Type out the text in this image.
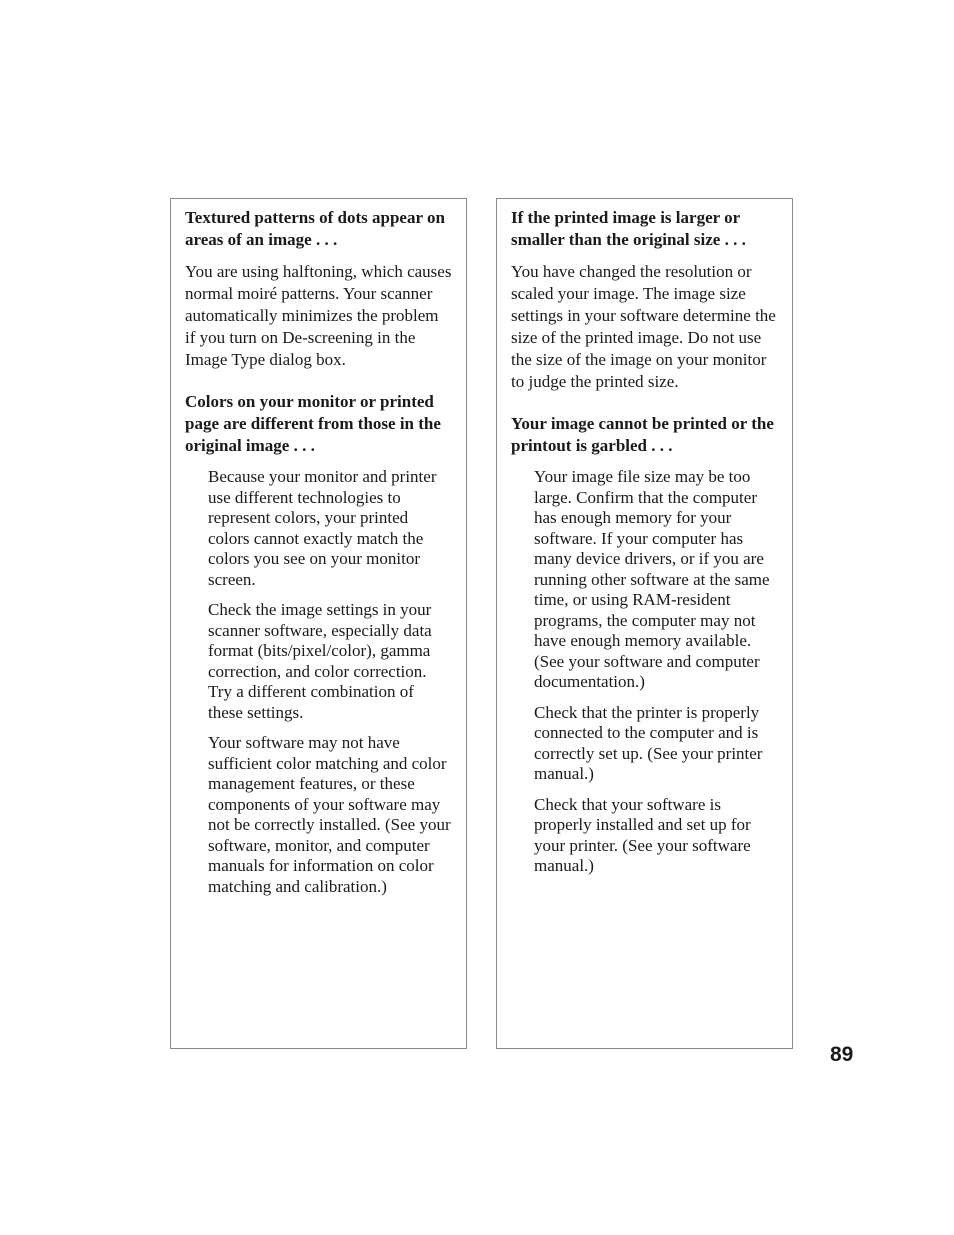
Textured patterns of dots appear on areas of an image . . .

You are using halftoning, which causes normal moiré patterns. Your scanner automatically minimizes the problem if you turn on De-screening in the Image Type dialog box.

Colors on your monitor or printed page are different from those in the original image . . .

Because your monitor and printer use different technologies to represent colors, your printed colors cannot exactly match the colors you see on your monitor screen.

Check the image settings in your scanner software, especially data format (bits/pixel/color), gamma correction, and color correction. Try a different combination of these settings.

Your software may not have sufficient color matching and color management features, or these components of your software may not be correctly installed. (See your software, monitor, and computer manuals for information on color matching and calibration.)

If the printed image is larger or smaller than the original size . . .

You have changed the resolution or scaled your image. The image size settings in your software determine the size of the printed image. Do not use the size of the image on your monitor to judge the printed size.

Your image cannot be printed or the printout is garbled . . .

Your image file size may be too large. Confirm that the computer has enough memory for your software. If your computer has many device drivers, or if you are running other software at the same time, or using RAM-resident programs, the computer may not have enough memory available. (See your software and computer documentation.)

Check that the printer is properly connected to the computer and is correctly set up. (See your printer manual.)

Check that your software is properly installed and set up for your printer. (See your software manual.)

89
